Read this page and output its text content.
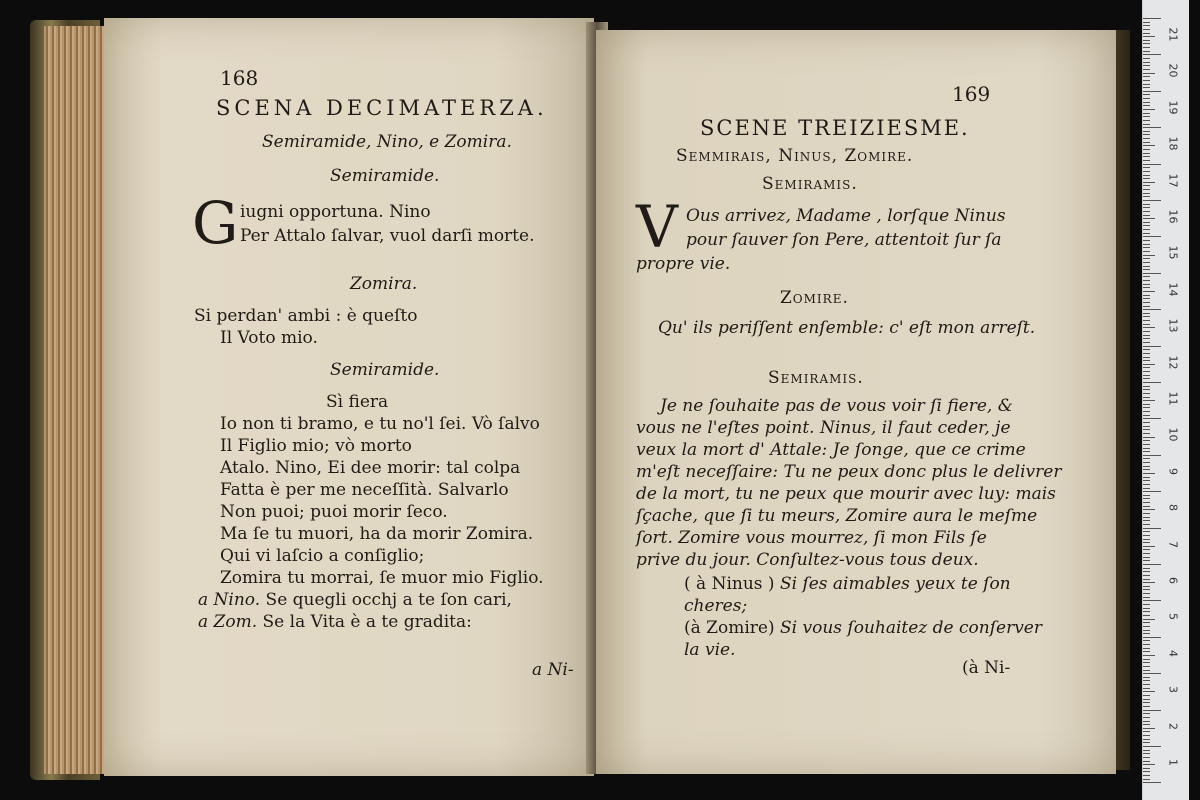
168
SCENA DECIMATERZA.
Semiramide, Nino, e Zomira.
Semiramide.
G iugni opportuna. Nino
Per Attalo ſalvar, vuol darſi morte.
Zomira.
Si perdan' ambi : è queſto
Il Voto mio.
Semiramide.
Sì fiera
Io non ti bramo, e tu no'l ſei. Vò ſalvo
Il Figlio mio; vò morto
Atalo. Nino, Ei dee morir: tal colpa
Fatta è per me neceſſità. Salvarlo
Non puoi; puoi morir ſeco.
Ma ſe tu muori, ha da morir Zomira.
Qui vi laſcio a conſiglio;
Zomira tu morrai, ſe muor mio Figlio.
a Nino. Se quegli occhj a te ſon cari,
a Zom. Se la Vita è a te gradita:
a Ni-
169
SCENE TREIZIESME.
Semmirais, Ninus, Zomire.
Semiramis.
V Ous arrivez, Madame , lorſque Ninus
pour ſauver ſon Pere, attentoit ſur ſa
propre vie.
Zomire.
Qu' ils periſſent enſemble: c' eſt mon arreſt.
Semiramis.
Je ne ſouhaite pas de vous voir ſi fiere, &
vous ne l'eſtes point. Ninus, il faut ceder, je
veux la mort d' Attale: Je ſonge, que ce crime
m'eſt neceſſaire: Tu ne peux donc plus le delivrer
de la mort, tu ne peux que mourir avec luy: mais
ſçache, que ſi tu meurs, Zomire aura le meſme
ſort. Zomire vous mourrez, ſi mon Fils ſe
prive du jour. Conſultez-vous tous deux.
( à Ninus ) Si ſes aimables yeux te ſon
cheres;
(à Zomire) Si vous ſouhaitez de conſerver
la vie.
(à Ni-
21
20
19
18
17
16
15
14
13
12
11
10
9
8
7
6
5
4
3
2
1
